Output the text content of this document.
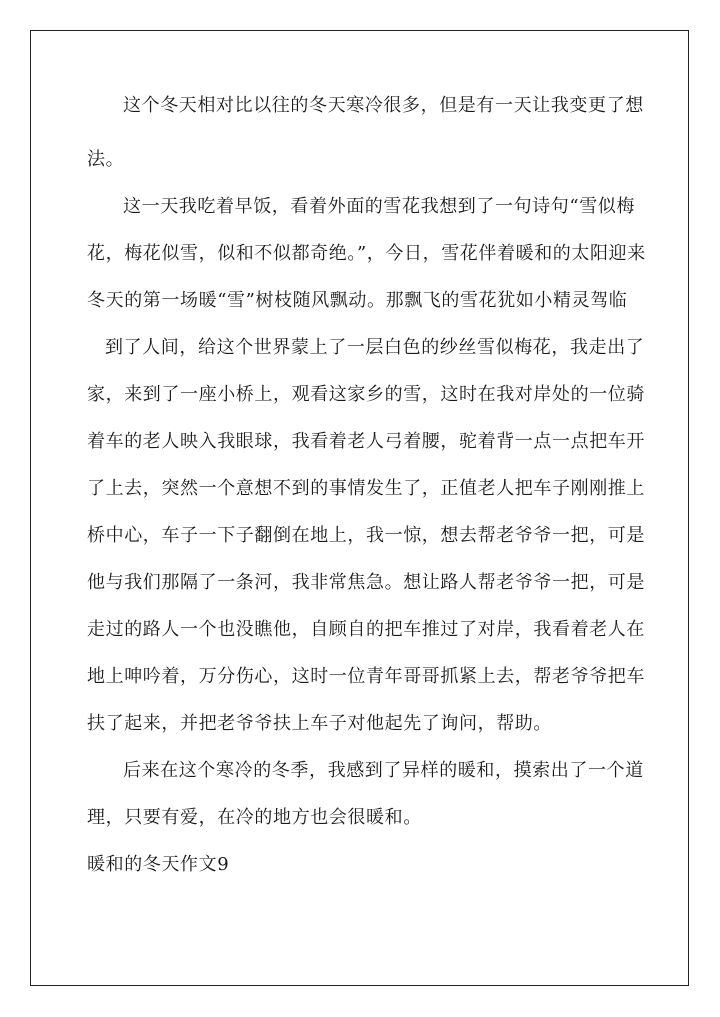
这个冬天相对比以往的冬天寒冷很多，但是有一天让我变更了想
法。
这一天我吃着早饭，看着外面的雪花我想到了一句诗句“雪似梅
花，梅花似雪，似和不似都奇绝。”，今日，雪花伴着暖和的太阳迎来
冬天的第一场暖“雪”树枝随风飘动。那飘飞的雪花犹如小精灵驾临
到了人间，给这个世界蒙上了一层白色的纱丝雪似梅花，我走出了
家，来到了一座小桥上，观看这家乡的雪，这时在我对岸处的一位骑
着车的老人映入我眼球，我看着老人弓着腰，驼着背一点一点把车开
了上去，突然一个意想不到的事情发生了，正值老人把车子刚刚推上
桥中心，车子一下子翻倒在地上，我一惊，想去帮老爷爷一把，可是
他与我们那隔了一条河，我非常焦急。想让路人帮老爷爷一把，可是
走过的路人一个也没瞧他，自顾自的把车推过了对岸，我看着老人在
地上呻吟着，万分伤心，这时一位青年哥哥抓紧上去，帮老爷爷把车
扶了起来，并把老爷爷扶上车子对他起先了询问，帮助。
后来在这个寒冷的冬季，我感到了异样的暖和，摸索出了一个道
理，只要有爱，在冷的地方也会很暖和。
暖和的冬天作文9
